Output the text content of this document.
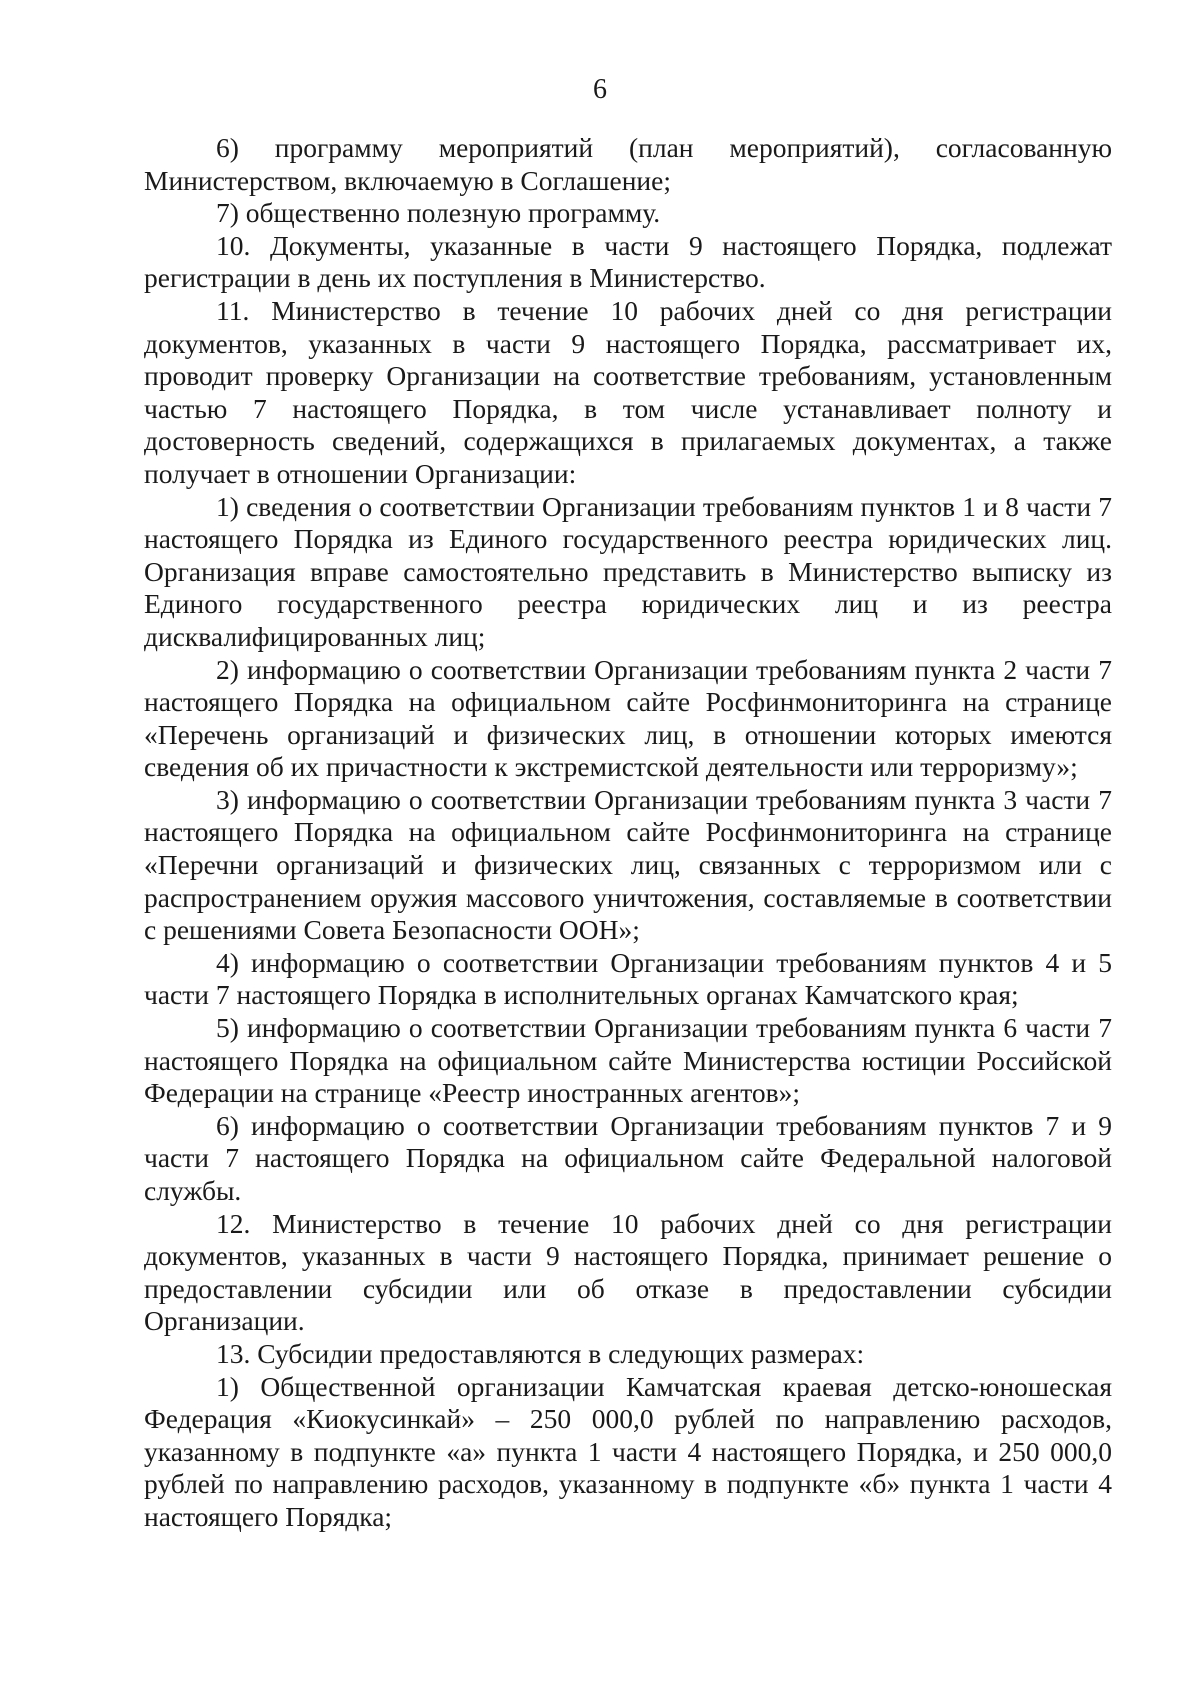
6

6) программу мероприятий (план мероприятий), согласованную Министерством, включаемую в Соглашение;

7) общественно полезную программу.

10. Документы, указанные в части 9 настоящего Порядка, подлежат регистрации в день их поступления в Министерство.

11. Министерство в течение 10 рабочих дней со дня регистрации документов, указанных в части 9 настоящего Порядка, рассматривает их, проводит проверку Организации на соответствие требованиям, установленным частью 7 настоящего Порядка, в том числе устанавливает полноту и достоверность сведений, содержащихся в прилагаемых документах, а также получает в отношении Организации:

1) сведения о соответствии Организации требованиям пунктов 1 и 8 части 7 настоящего Порядка из Единого государственного реестра юридических лиц. Организация вправе самостоятельно представить в Министерство выписку из Единого государственного реестра юридических лиц и из реестра дисквалифицированных лиц;

2) информацию о соответствии Организации требованиям пункта 2 части 7 настоящего Порядка на официальном сайте Росфинмониторинга на странице «Перечень организаций и физических лиц, в отношении которых имеются сведения об их причастности к экстремистской деятельности или терроризму»;

3) информацию о соответствии Организации требованиям пункта 3 части 7 настоящего Порядка на официальном сайте Росфинмониторинга на странице «Перечни организаций и физических лиц, связанных с терроризмом или с распространением оружия массового уничтожения, составляемые в соответствии с решениями Совета Безопасности ООН»;

4) информацию о соответствии Организации требованиям пунктов 4 и 5 части 7 настоящего Порядка в исполнительных органах Камчатского края;

5) информацию о соответствии Организации требованиям пункта 6 части 7 настоящего Порядка на официальном сайте Министерства юстиции Российской Федерации на странице «Реестр иностранных агентов»;

6) информацию о соответствии Организации требованиям пунктов 7 и 9 части 7 настоящего Порядка на официальном сайте Федеральной налоговой службы.

12. Министерство в течение 10 рабочих дней со дня регистрации документов, указанных в части 9 настоящего Порядка, принимает решение о предоставлении субсидии или об отказе в предоставлении субсидии Организации.

13. Субсидии предоставляются в следующих размерах:

1) Общественной организации Камчатская краевая детско-юношеская Федерация «Киокусинкай» – 250 000,0 рублей по направлению расходов, указанному в подпункте «а» пункта 1 части 4 настоящего Порядка, и 250 000,0 рублей по направлению расходов, указанному в подпункте «б» пункта 1 части 4 настоящего Порядка;
